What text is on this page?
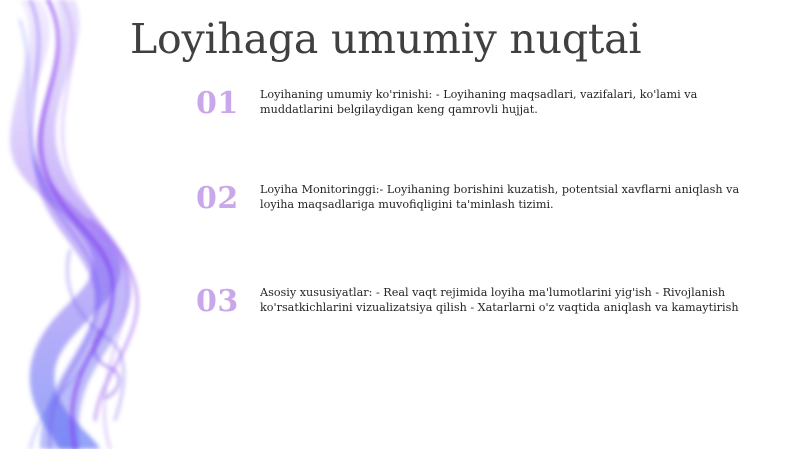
Loyihaga umumiy nuqtai
01	Loyihaning umumiy ko'rinishi: - Loyihaning maqsadlari, vazifalari, ko'lami va muddatlarini belgilaydigan keng qamrovli hujjat.

02	Loyiha Monitoringgi:- Loyihaning borishini kuzatish, potentsial xavflarni aniqlash va loyiha maqsadlariga muvofiqligini ta'minlash tizimi.

03	Asosiy xususiyatlar: - Real vaqt rejimida loyiha ma'lumotlarini yig'ish - Rivojlanish ko'rsatkichlarini vizualizatsiya qilish - Xatarlarni o'z vaqtida aniqlash va kamaytirish
